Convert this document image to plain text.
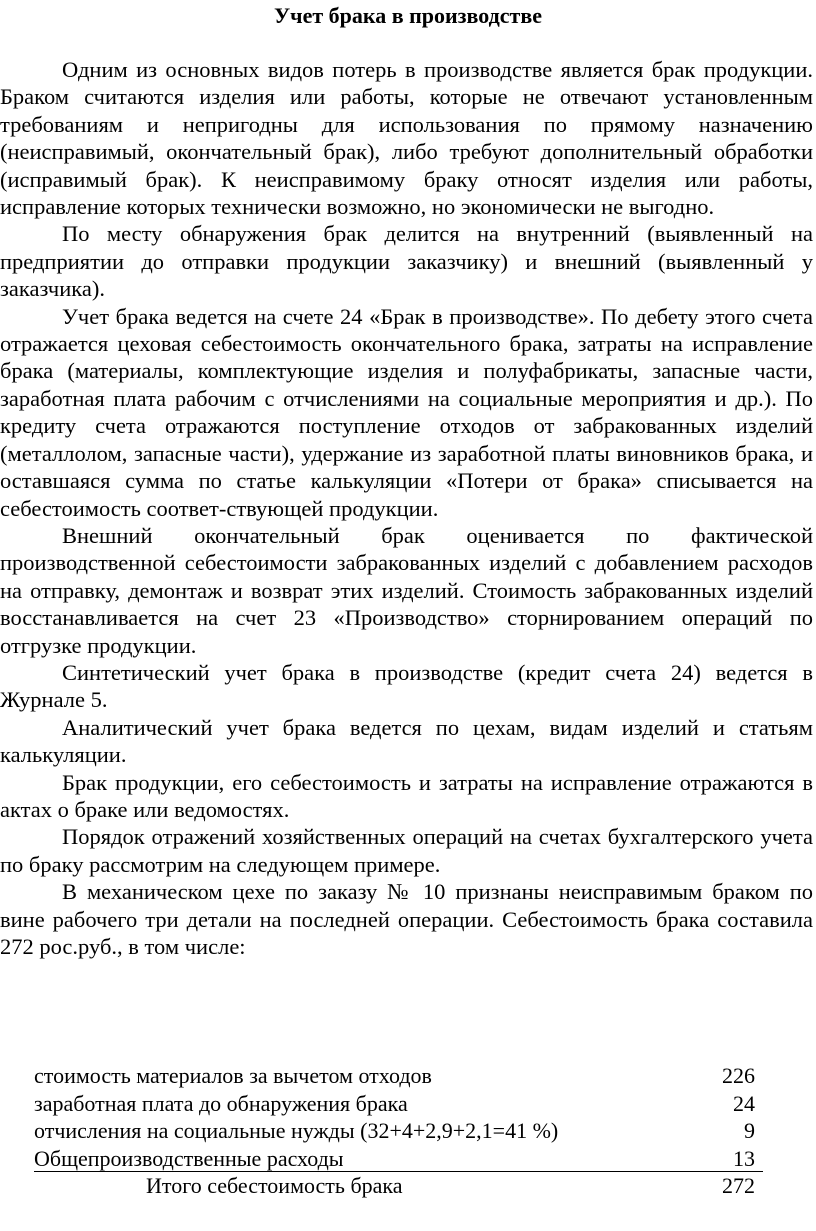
Учет брака в производстве

Одним из основных видов потерь в производстве является брак продукции. Браком считаются изделия или работы, которые не отвечают установленным требованиям и непригодны для использования по прямому назначению (неисправимый, окончательный брак), либо требуют дополнительный обработки (исправимый брак). К неисправимому браку относят изделия или работы, исправление которых технически возможно, но экономически не выгодно.

По месту обнаружения брак делится на внутренний (выявленный на предприятии до отправки продукции заказчику) и внешний (выявленный у заказчика).

Учет брака ведется на счете 24 «Брак в производстве». По дебету этого счета отражается цеховая себестоимость окончательного брака, затраты на исправление брака (материалы, комплектующие изделия и полуфабрикаты, запасные части, заработная плата рабочим с отчислениями на социальные мероприятия и др.). По кредиту счета отражаются поступление отходов от забракованных изделий (металлолом, запасные части), удержание из заработной платы виновников брака, и оставшаяся сумма по статье калькуляции «Потери от брака» списывается на себестоимость соответ-ствующей продукции.

Внешний окончательный брак оценивается по фактической производственной себестоимости забракованных изделий с добавлением расходов на отправку, демонтаж и возврат этих изделий. Стоимость забракованных изделий восстанавливается на счет 23 «Производство» сторнированием операций по отгрузке продукции.

Синтетический учет брака в производстве (кредит счета 24) ведется в Журнале 5.

Аналитический учет брака ведется по цехам, видам изделий и статьям калькуляции.

Брак продукции, его себестоимость и затраты на исправление отражаются в актах о браке или ведомостях.

Порядок отражений хозяйственных операций на счетах бухгалтерского учета по браку рассмотрим на следующем примере.

В механическом цехе по заказу № 10 признаны неисправимым браком по вине рабочего три детали на последней операции. Себестоимость брака составила 272 рос.руб., в том числе:

стоимость материалов за вычетом отходов	226
заработная плата до обнаружения брака	24
отчисления на социальные нужды (32+4+2,9+2,1=41 %)	9
Общепроизводственные расходы	13
Итого себестоимость брака	272
